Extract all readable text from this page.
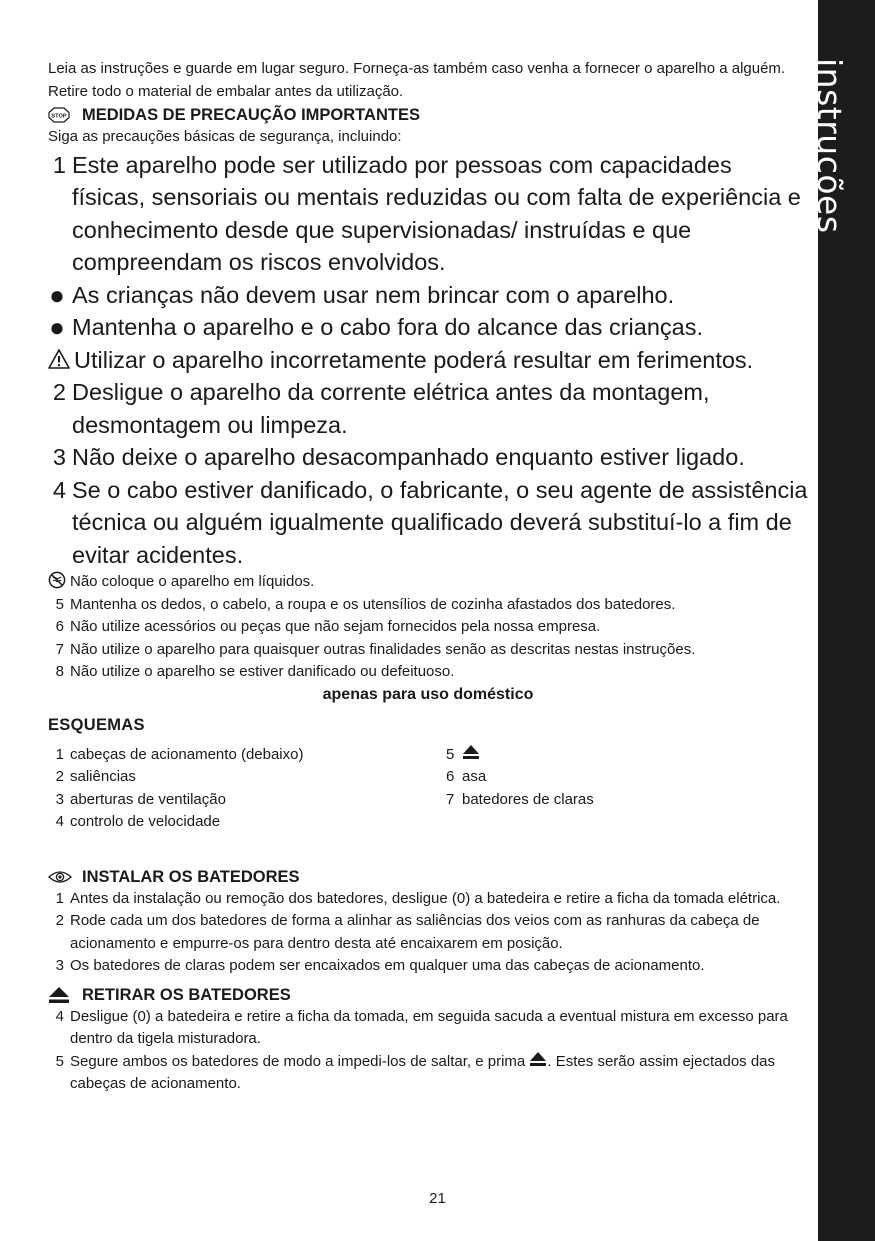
instruções

Leia as instruções e guarde em lugar seguro. Forneça-as também caso venha a fornecer o aparelho a alguém. Retire todo o material de embalar antes da utilização.

STOP MEDIDAS DE PRECAUÇÃO IMPORTANTES
Siga as precauções básicas de segurança, incluindo:
1 Este aparelho pode ser utilizado por pessoas com capacidades físicas, sensoriais ou mentais reduzidas ou com falta de experiência e conhecimento desde que supervisionadas/ instruídas e que compreendam os riscos envolvidos.
● As crianças não devem usar nem brincar com o aparelho.
● Mantenha o aparelho e o cabo fora do alcance das crianças.
Utilizar o aparelho incorretamente poderá resultar em ferimentos.
2 Desligue o aparelho da corrente elétrica antes da montagem, desmontagem ou limpeza.
3 Não deixe o aparelho desacompanhado enquanto estiver ligado.
4 Se o cabo estiver danificado, o fabricante, o seu agente de assistência técnica ou alguém igualmente qualificado deverá substituí-lo a fim de evitar acidentes.
Não coloque o aparelho em líquidos.
5 Mantenha os dedos, o cabelo, a roupa e os utensílios de cozinha afastados dos batedores.
6 Não utilize acessórios ou peças que não sejam fornecidos pela nossa empresa.
7 Não utilize o aparelho para quaisquer outras finalidades senão as descritas nestas instruções.
8 Não utilize o aparelho se estiver danificado ou defeituoso.
apenas para uso doméstico
ESQUEMAS
1 cabeças de acionamento (debaixo)
2 saliências
3 aberturas de ventilação
4 controlo de velocidade
5
6 asa
7 batedores de claras
INSTALAR OS BATEDORES
1 Antes da instalação ou remoção dos batedores, desligue (0) a batedeira e retire a ficha da tomada elétrica.
2 Rode cada um dos batedores de forma a alinhar as saliências dos veios com as ranhuras da cabeça de acionamento e empurre-os para dentro desta até encaixarem em posição.
3 Os batedores de claras podem ser encaixados em qualquer uma das cabeças de acionamento.
RETIRAR OS BATEDORES
4 Desligue (0) a batedeira e retire a ficha da tomada, em seguida sacuda a eventual mistura em excesso para dentro da tigela misturadora.
5 Segure ambos os batedores de modo a impedi-los de saltar, e prima . Estes serão assim ejectados das cabeças de acionamento.
21
